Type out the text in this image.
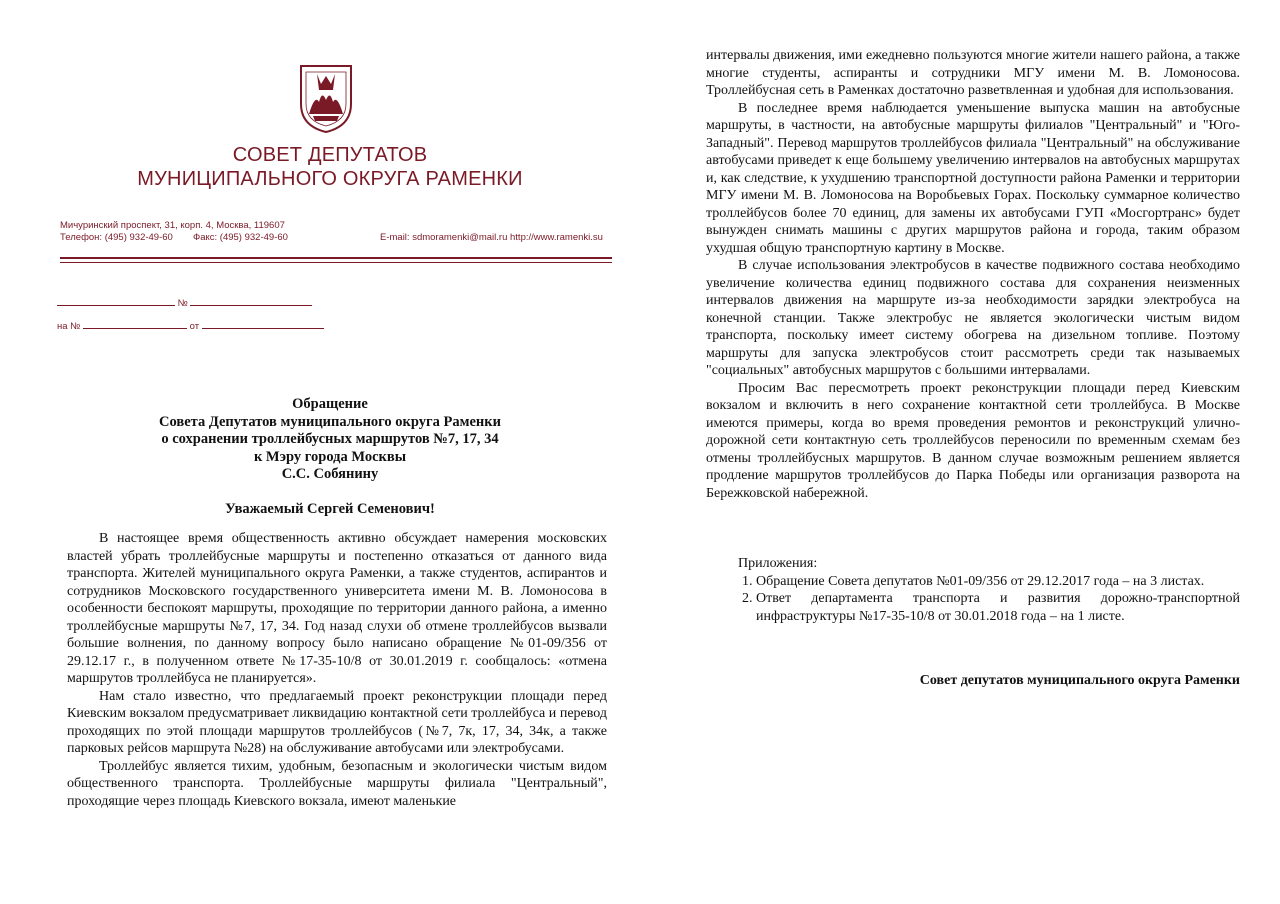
СОВЕТ ДЕПУТАТОВ
МУНИЦИПАЛЬНОГО ОКРУГА РАМЕНКИ
Мичуринский проспект, 31, корп. 4, Москва, 119607
Телефон: (495) 932-49-60 Факс: (495) 932-49-60	E-mail: sdmoramenki@mail.ru http://www.ramenki.su
№
на №	от
Обращение
Совета Депутатов муниципального округа Раменки
о сохранении троллейбусных маршрутов №7, 17, 34
к Мэру города Москвы
С.С. Собянину
Уважаемый Сергей Семенович!

В настоящее время общественность активно обсуждает намерения московских властей убрать троллейбусные маршруты и постепенно отказаться от данного вида транспорта. Жителей муниципального округа Раменки, а также студентов, аспирантов и сотрудников Московского государственного университета имени М. В. Ломоносова в особенности беспокоят маршруты, проходящие по территории данного района, а именно троллейбусные маршруты №7, 17, 34. Год назад слухи об отмене троллейбусов вызвали большие волнения, по данному вопросу было написано обращение №01-09/356 от 29.12.17 г., в полученном ответе №17-35-10/8 от 30.01.2019 г. сообщалось: «отмена маршрутов троллейбуса не планируется».

Нам стало известно, что предлагаемый проект реконструкции площади перед Киевским вокзалом предусматривает ликвидацию контактной сети троллейбуса и перевод проходящих по этой площади маршрутов троллейбусов (№7, 7к, 17, 34, 34к, а также парковых рейсов маршрута №28) на обслуживание автобусами или электробусами.

Троллейбус является тихим, удобным, безопасным и экологически чистым видом общественного транспорта. Троллейбусные маршруты филиала "Центральный", проходящие через площадь Киевского вокзала, имеют маленькие

интервалы движения, ими ежедневно пользуются многие жители нашего района, а также многие студенты, аспиранты и сотрудники МГУ имени М. В. Ломоносова. Троллейбусная сеть в Раменках достаточно разветвленная и удобная для использования.

В последнее время наблюдается уменьшение выпуска машин на автобусные маршруты, в частности, на автобусные маршруты филиалов "Центральный" и "Юго-Западный". Перевод маршрутов троллейбусов филиала "Центральный" на обслуживание автобусами приведет к еще большему увеличению интервалов на автобусных маршрутах и, как следствие, к ухудшению транспортной доступности района Раменки и территории МГУ имени М. В. Ломоносова на Воробьевых Горах. Поскольку суммарное количество троллейбусов более 70 единиц, для замены их автобусами ГУП «Мосгортранс» будет вынужден снимать машины с других маршрутов района и города, таким образом ухудшая общую транспортную картину в Москве.

В случае использования электробусов в качестве подвижного состава необходимо увеличение количества единиц подвижного состава для сохранения неизменных интервалов движения на маршруте из-за необходимости зарядки электробуса на конечной станции. Также электробус не является экологически чистым видом транспорта, поскольку имеет систему обогрева на дизельном топливе. Поэтому маршруты для запуска электробусов стоит рассмотреть среди так называемых "социальных" автобусных маршрутов с большими интервалами.

Просим Вас пересмотреть проект реконструкции площади перед Киевским вокзалом и включить в него сохранение контактной сети троллейбуса. В Москве имеются примеры, когда во время проведения ремонтов и реконструкций улично-дорожной сети контактную сеть троллейбусов переносили по временным схемам без отмены троллейбусных маршрутов. В данном случае возможным решением является продление маршрутов троллейбусов до Парка Победы или организация разворота на Бережковской набережной.

Приложения:
1. Обращение Совета депутатов №01-09/356 от 29.12.2017 года – на 3 листах.
2. Ответ департамента транспорта и развития дорожно-транспортной инфраструктуры №17-35-10/8 от 30.01.2018 года – на 1 листе.
Совет депутатов муниципального округа Раменки
